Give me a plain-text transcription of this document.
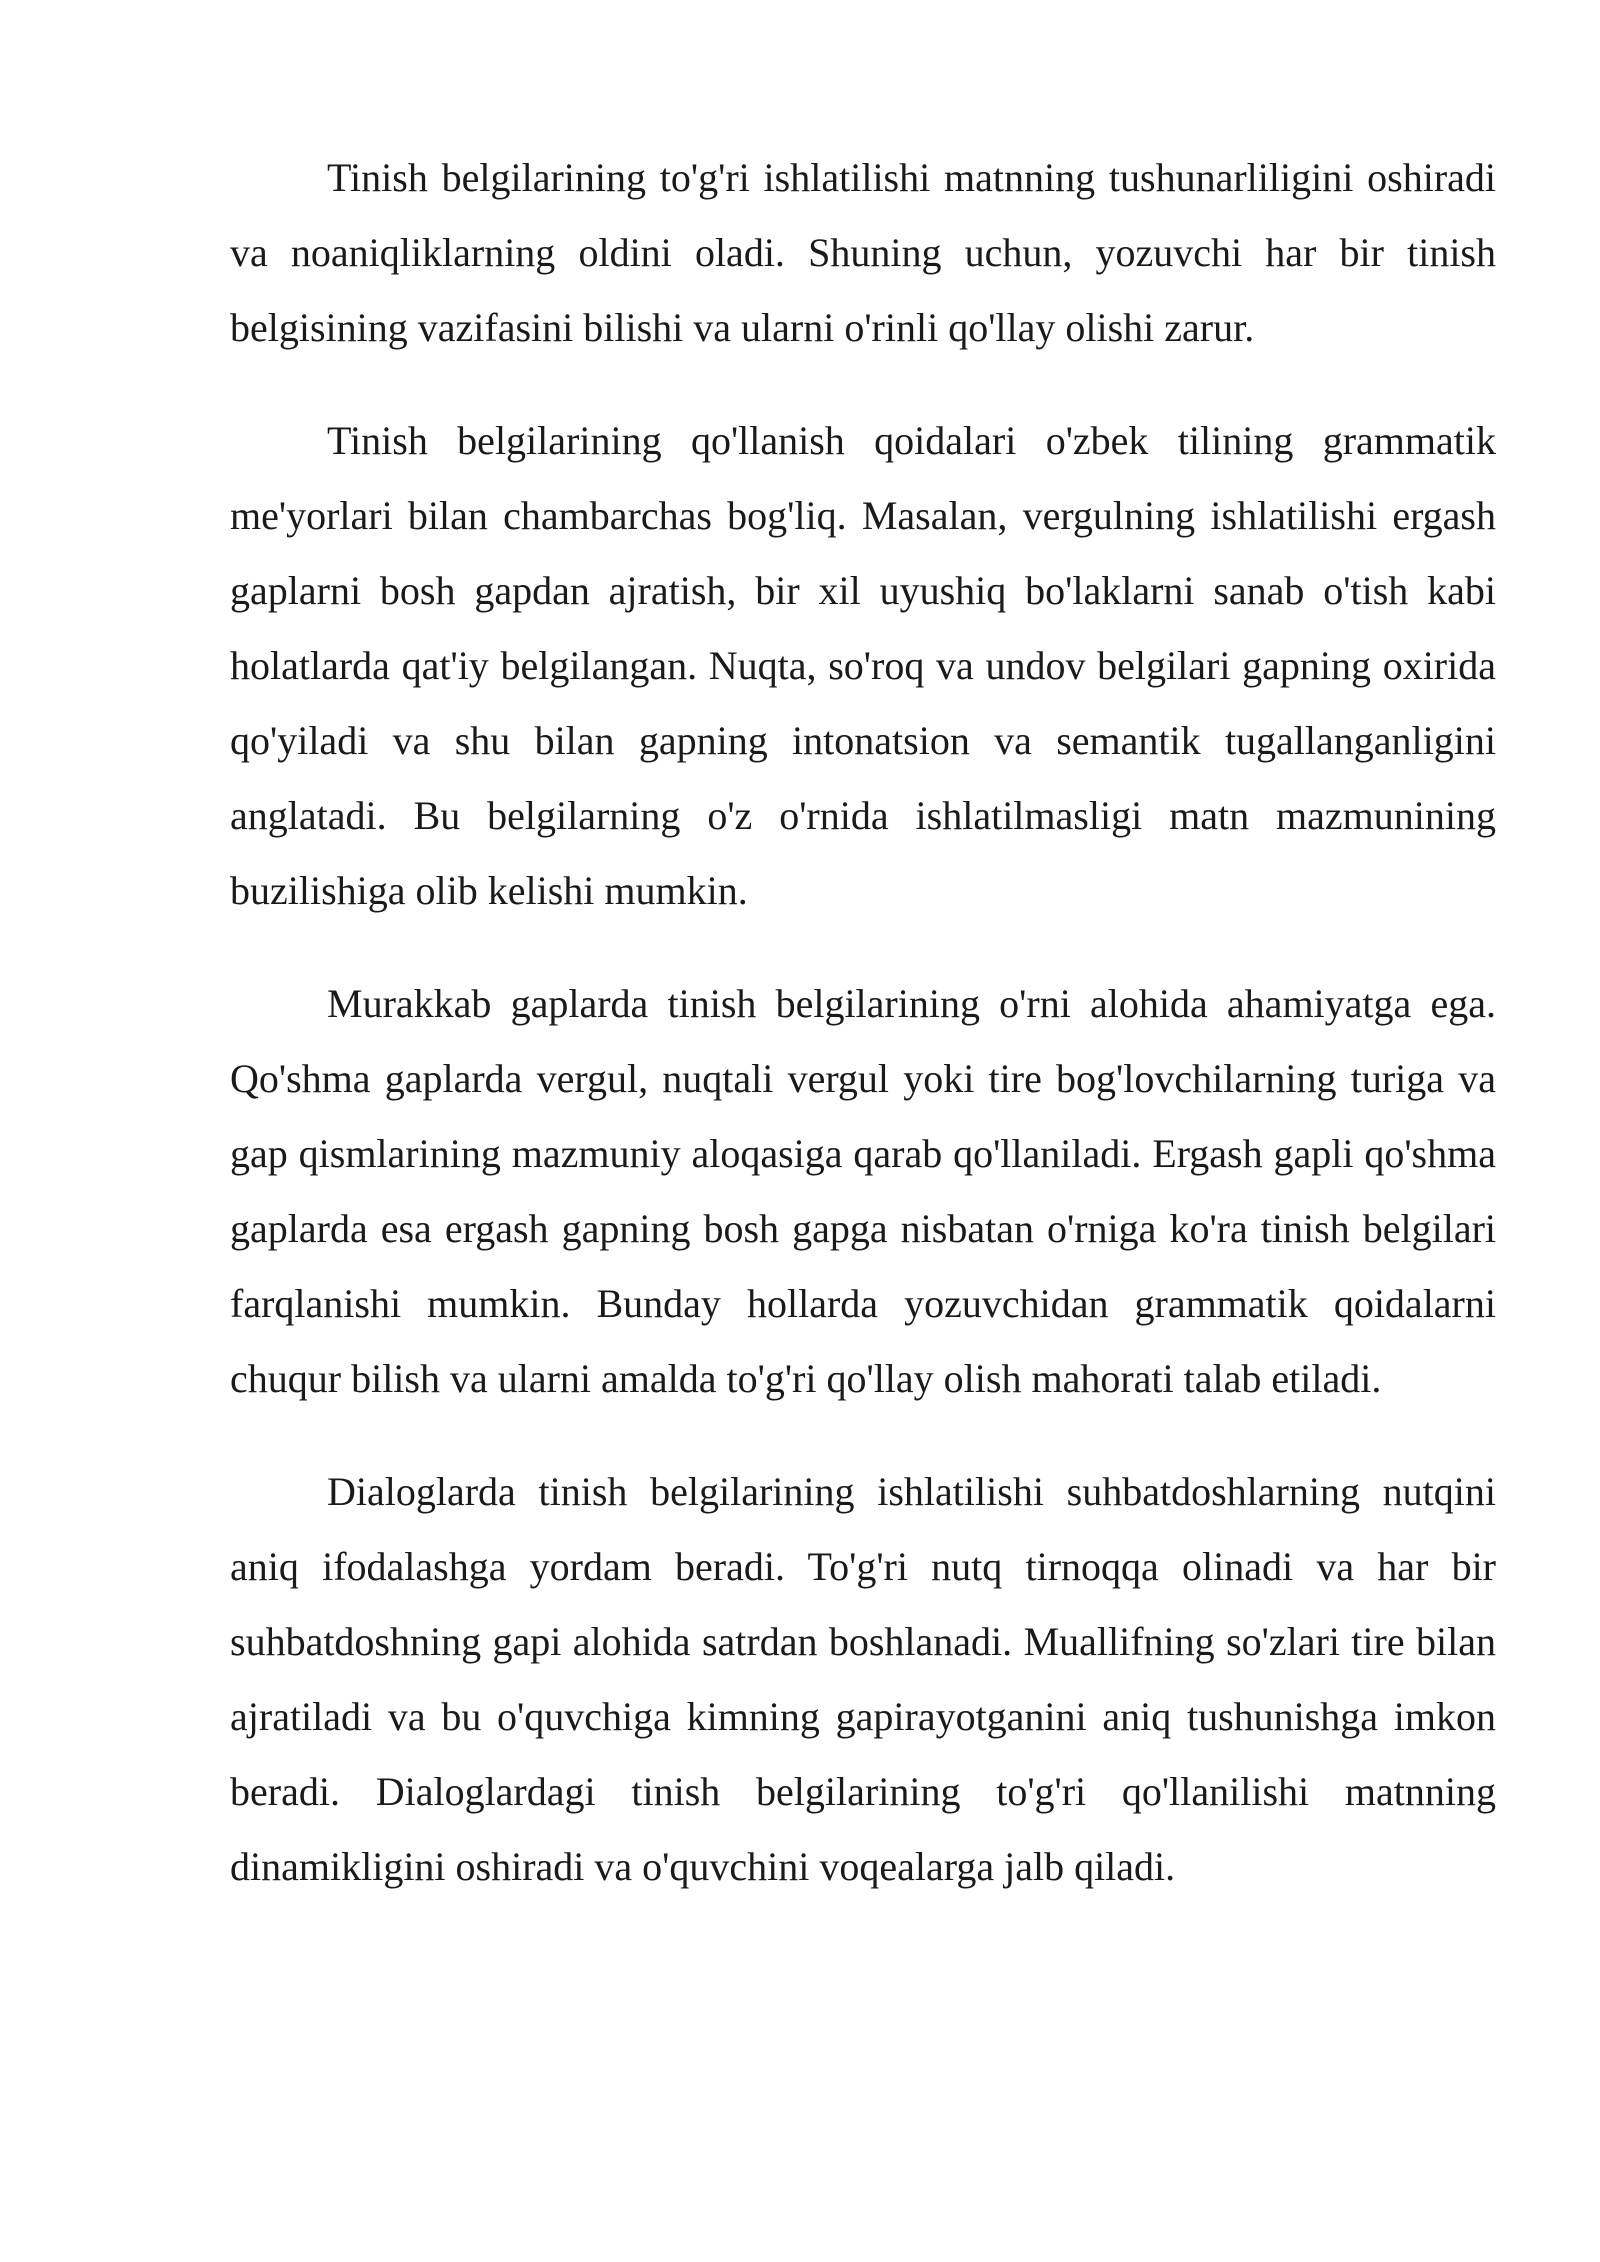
Tinish belgilarining to'g'ri ishlatilishi matnning tushunarliligini oshiradi va noaniqliklarning oldini oladi. Shuning uchun, yozuvchi har bir tinish belgisining vazifasini bilishi va ularni o'rinli qo'llay olishi zarur.

Tinish belgilarining qo'llanish qoidalari o'zbek tilining grammatik me'yorlari bilan chambarchas bog'liq. Masalan, vergulning ishlatilishi ergash gaplarni bosh gapdan ajratish, bir xil uyushiq bo'laklarni sanab o'tish kabi holatlarda qat'iy belgilangan. Nuqta, so'roq va undov belgilari gapning oxirida qo'yiladi va shu bilan gapning intonatsion va semantik tugallanganligini anglatadi. Bu belgilarning o'z o'rnida ishlatilmasligi matn mazmunining buzilishiga olib kelishi mumkin.

Murakkab gaplarda tinish belgilarining o'rni alohida ahamiyatga ega. Qo'shma gaplarda vergul, nuqtali vergul yoki tire bog'lovchilarning turiga va gap qismlarining mazmuniy aloqasiga qarab qo'llaniladi. Ergash gapli qo'shma gaplarda esa ergash gapning bosh gapga nisbatan o'rniga ko'ra tinish belgilari farqlanishi mumkin. Bunday hollarda yozuvchidan grammatik qoidalarni chuqur bilish va ularni amalda to'g'ri qo'llay olish mahorati talab etiladi.

Dialoglarda tinish belgilarining ishlatilishi suhbatdoshlarning nutqini aniq ifodalashga yordam beradi. To'g'ri nutq tirnoqqa olinadi va har bir suhbatdoshning gapi alohida satrdan boshlanadi. Muallifning so'zlari tire bilan ajratiladi va bu o'quvchiga kimning gapirayotganini aniq tushunishga imkon beradi. Dialoglardagi tinish belgilarining to'g'ri qo'llanilishi matnning dinamikligini oshiradi va o'quvchini voqealarga jalb qiladi.
